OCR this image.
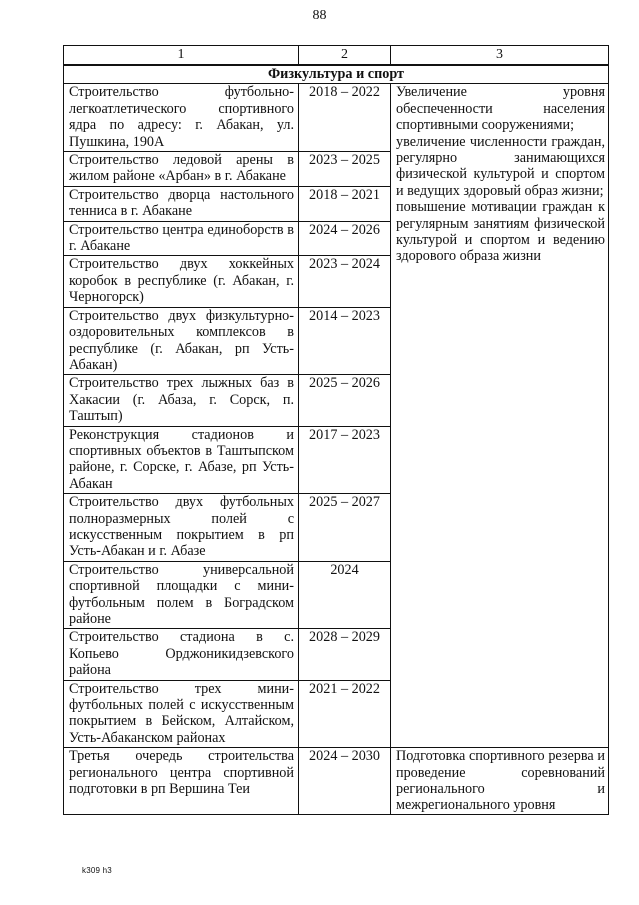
88
1	2	3
Физкультура и спорт		
Строительство футбольно-легкоатлетического спортивного ядра по адресу: г. Абакан, ул. Пушкина, 190А	2018 – 2022	Увеличение уровня обеспеченности населения спортивными сооружениями;
увеличение численности граждан, регулярно занимающихся физической культурой и спортом и ведущих здоровый образ жизни;
повышение мотивации граждан к регулярным занятиям физической культурой и спортом и ведению здорового образа жизни

Строительство ледовой арены в жилом районе «Арбан» в г. Абакане	2023 – 2025	
Строительство дворца настольного тенниса в г. Абакане	2018 – 2021	
Строительство центра единоборств в г. Абакане	2024 – 2026	
Строительство двух хоккейных коробок в республике (г. Абакан, г. Черногорск)	2023 – 2024	
Строительство двух физкультурно-оздоровительных комплексов в республике (г. Абакан, рп Усть-Абакан)	2014 – 2023	
Строительство трех лыжных баз в Хакасии (г. Абаза, г. Сорск, п. Таштып)	2025 – 2026	
Реконструкция стадионов и спортивных объектов в Таштыпском районе, г. Сорске, г. Абазе, рп Усть-Абакан	2017 – 2023	
Строительство двух футбольных полноразмерных полей с искусственным покрытием в рп Усть-Абакан и г. Абазе	2025 – 2027	
Строительство универсальной спортивной площадки с мини-футбольным полем в Боградском районе	2024	
Строительство стадиона в с. Копьево Орджоникидзевского района	2028 – 2029	
Строительство трех мини-футбольных полей с искусственным покрытием в Бейском, Алтайском, Усть-Абаканском районах	2021 – 2022	
Третья очередь строительства регионального центра спортивной подготовки в рп Вершина Теи	2024 – 2030	Подготовка спортивного резерва и проведение соревнований регионального и межрегионального уровня
k309 h3
